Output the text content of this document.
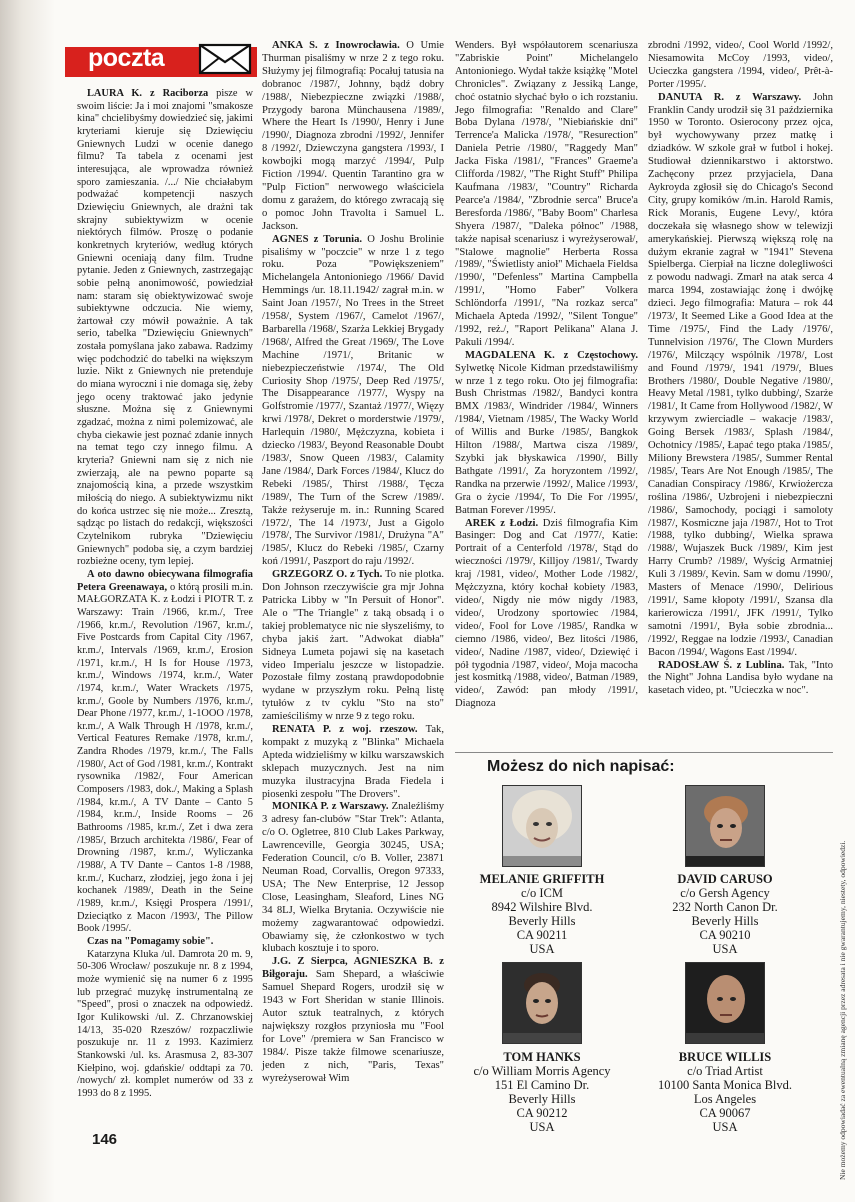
poczta

LAURA K. z Raciborza pisze w swoim liście: Ja i moi znajomi "smakosze kina" chcielibyśmy dowiedzieć się, jakimi kryteriami kieruje się Dziewięciu Gniewnych Ludzi w ocenie danego filmu? Ta tabela z ocenami jest interesująca, ale wprowadza również sporo zamieszania. /.../ Nie chciałabym podważać kompetencji naszych Dziewięciu Gniewnych, ale drażni tak skrajny subiektywizm w ocenie niektórych filmów. Proszę o podanie konkretnych kryteriów, według których Gniewni oceniają dany film. Trudne pytanie. Jeden z Gniewnych, zastrzegając sobie pełną anonimowość, powiedział nam: staram się obiektywizować swoje subiektywne odczucia. Nie wiemy, żartował czy mówił poważnie. A tak serio, tabelka "Dziewięciu Gniewnych" została pomyślana jako zabawa. Radzimy więc podchodzić do tabelki na większym luzie. Nikt z Gniewnych nie pretenduje do miana wyroczni i nie domaga się, żeby jego oceny traktować jako jedynie słuszne. Można się z Gniewnymi zgadzać, można z nimi polemizować, ale chyba ciekawie jest poznać zdanie innych na temat tego czy innego filmu. A kryteria? Gniewni nam się z nich nie zwierzają, ale na pewno poparte są znajomością kina, a przede wszystkim miłością do niego. A subiektywizmu nikt do końca ustrzec się nie może... Zresztą, sądząc po listach do redakcji, większości Czytelnikom rubryka "Dziewięciu Gniewnych" podoba się, a czym bardziej rozbieżne oceny, tym lepiej.

A oto dawno obiecywana filmografia Petera Greenawaya, o którą prosili m.in. MAŁGORZATA K. z Łodzi i PIOTR T. z Warszawy: Train /1966, kr.m./, Tree /1966, kr.m./, Revolution /1967, kr.m./, Five Postcards from Capital City /1967, kr.m./, Intervals /1969, kr.m./, Erosion /1971, kr.m./, H Is for House /1973, kr.m./, Windows /1974, kr.m./, Water /1974, kr.m./, Water Wrackets /1975, kr.m./, Goole by Numbers /1976, kr.m./, Dear Phone /1977, kr.m./, 1-1OOO /1978, kr.m./, A Walk Through H /1978, kr.m./, Vertical Features Remake /1978, kr.m./, Zandra Rhodes /1979, kr.m./, The Falls /1980/, Act of God /1981, kr.m./, Kontrakt rysownika /1982/, Four American Composers /1983, dok./, Making a Splash /1984, kr.m./, A TV Dante – Canto 5 /1984, kr.m./, Inside Rooms – 26 Bathrooms /1985, kr.m./, Zet i dwa zera /1985/, Brzuch architekta /1986/, Fear of Drowning /1987, kr.m./, Wyliczanka /1988/, A TV Dante – Cantos 1-8 /1988, kr.m./, Kucharz, złodziej, jego żona i jej kochanek /1989/, Death in the Seine /1989, kr.m./, Księgi Prospera /1991/, Dzieciątko z Macon /1993/, The Pillow Book /1995/.

Czas na "Pomagamy sobie".

Katarzyna Kluka /ul. Damrota 20 m. 9, 50-306 Wrocław/ poszukuje nr. 8 z 1994, może wymienić się na numer 6 z 1995 lub przegrać muzykę instrumentalną ze "Speed", prosi o znaczek na odpowiedź. Igor Kulikowski /ul. Z. Chrzanowskiej 14/13, 35-020 Rzeszów/ rozpaczliwie poszukuje nr. 11 z 1993. Kazimierz Stankowski /ul. ks. Arasmusa 2, 83-307 Kiełpino, woj. gdańskie/ oddtapi za 70. /nowych/ zł. komplet numerów od 33 z 1993 do 8 z 1995.

ANKA S. z Inowrocławia. O Umie Thurman pisaliśmy w nrze 2 z tego roku. Służymy jej filmografią: Pocałuj tatusia na dobranoc /1987/, Johnny, bądź dobry /1988/, Niebezpieczne związki /1988/, Przygody barona Münchausena /1989/, Where the Heart Is /1990/, Henry i June /1990/, Diagnoza zbrodni /1992/, Jennifer 8 /1992/, Dziewczyna gangstera /1993/, I kowbojki mogą marzyć /1994/, Pulp Fiction /1994/. Quentin Tarantino gra w "Pulp Fiction" nerwowego właściciela domu z garażem, do którego zwracają się o pomoc John Travolta i Samuel L. Jackson.

AGNES z Torunia. O Joshu Brolinie pisaliśmy w "poczcie" w nrze 1 z tego roku. Poza "Powiększeniem" Michelangela Antonioniego /1966/ David Hemmings /ur. 18.11.1942/ zagrał m.in. w Saint Joan /1957/, No Trees in the Street /1958/, System /1967/, Camelot /1967/, Barbarella /1968/, Szarża Lekkiej Brygady /1968/, Alfred the Great /1969/, The Love Machine /1971/, Britanic w niebezpieczeństwie /1974/, The Old Curiosity Shop /1975/, Deep Red /1975/, The Disappearance /1977/, Wyspy na Golfstromie /1977/, Szantaż /1977/, Więzy krwi /1978/, Dekret o morderstwie /1979/, Harlequin /1980/, Mężczyzna, kobieta i dziecko /1983/, Beyond Reasonable Doubt /1983/, Snow Queen /1983/, Calamity Jane /1984/, Dark Forces /1984/, Klucz do Rebeki /1985/, Thirst /1988/, Tęcza /1989/, The Turn of the Screw /1989/. Także reżyseruje m. in.: Running Scared /1972/, The 14 /1973/, Just a Gigolo /1978/, The Survivor /1981/, Drużyna "A" /1985/, Klucz do Rebeki /1985/, Czarny koń /1991/, Paszport do raju /1992/.

GRZEGORZ O. z Tych. To nie plotka. Don Johnson rzeczywiście gra mjr Johna Patricka Libby w "In Persuit of Honor". Ale o "The Triangle" z taką obsadą i o takiej problematyce nic nie słyszeliśmy, to chyba jakiś żart. "Adwokat diabła" Sidneya Lumeta pojawi się na kasetach video Imperialu jeszcze w listopadzie. Pozostałe filmy zostaną prawdopodobnie wydane w przyszłym roku. Pełną listę tytułów z tv cyklu "Sto na sto" zamieściliśmy w nrze 9 z tego roku.

RENATA P. z woj. rzeszow. Tak, kompakt z muzyką z "Blinka" Michaela Apteda widzieliśmy w kilku warszawskich sklepach muzycznych. Jest na nim muzyka ilustracyjna Brada Fiedela i piosenki zespołu "The Drovers".

MONIKA P. z Warszawy. Znaleźliśmy 3 adresy fan-clubów "Star Trek": Atlanta, c/o O. Ogletree, 810 Club Lakes Parkway, Lawrenceville, Georgia 30245, USA; Federation Council, c/o B. Voller, 23871 Neuman Road, Corvallis, Oregon 97333, USA; The New Enterprise, 12 Jessop Close, Leasingham, Sleaford, Lines NG 34 8LJ, Wielka Brytania. Oczywiście nie możemy zagwarantować odpowiedzi. Obawiamy się, że członkostwo w tych klubach kosztuje i to sporo.

J.G. Z Sierpca, AGNIESZKA B. z Biłgoraju. Sam Shepard, a właściwie Samuel Shepard Rogers, urodził się w 1943 w Fort Sheridan w stanie Illinois. Autor sztuk teatralnych, z których największy rozgłos przyniosła mu "Fool for Love" /premiera w San Francisco w 1984/. Pisze także filmowe scenariusze, jeden z nich, "Paris, Texas" wyreżyserował Wim

Wenders. Był współautorem scenariusza "Zabriskie Point" Michelangelo Antonioniego. Wydał także książkę "Motel Chronicles". Związany z Jessiką Lange, choć ostatnio słychać było o ich rozstaniu. Jego filmografia: "Renaldo and Clare" Boba Dylana /1978/, "Niebiańskie dni" Terrence'a Malicka /1978/, "Resurection" Daniela Petrie /1980/, "Raggedy Man" Jacka Fiska /1981/, "Frances" Graeme'a Clifforda /1982/, "The Right Stuff" Philipa Kaufmana /1983/, "Country" Richarda Pearce'a /1984/, "Zbrodnie serca" Bruce'a Beresforda /1986/, "Baby Boom" Charlesa Shyera /1987/, "Daleka północ" /1988, także napisał scenariusz i wyreżyserował/, "Stalowe magnolie" Herberta Rossa /1989/, "Świetlisty anioł" Michaela Fieldsa /1990/, "Defenless" Martina Campbella /1991/, "Homo Faber" Volkera Schlöndorfa /1991/, "Na rozkaz serca" Michaela Apteda /1992/, "Silent Tongue" /1992, reż./, "Raport Pelikana" Alana J. Pakuli /1994/.

MAGDALENA K. z Częstochowy. Sylwetkę Nicole Kidman przedstawiliśmy w nrze 1 z tego roku. Oto jej filmografia: Bush Christmas /1982/, Bandyci kontra BMX /1983/, Windrider /1984/, Winners /1984/, Vietnam /1985/, The Wacky World of Willis and Burke /1985/, Bangkok Hilton /1988/, Martwa cisza /1989/, Szybki jak błyskawica /1990/, Billy Bathgate /1991/, Za horyzontem /1992/, Randka na przerwie /1992/, Malice /1993/, Gra o życie /1994/, To Die For /1995/, Batman Forever /1995/.

AREK z Łodzi. Dziś filmografia Kim Basinger: Dog and Cat /1977/, Katie: Portrait of a Centerfold /1978/, Stąd do wieczności /1979/, Killjoy /1981/, Twardy kraj /1981, video/, Mother Lode /1982/, Mężczyzna, który kochał kobiety /1983, video/, Nigdy nie mów nigdy /1983, video/, Urodzony sportowiec /1984, video/, Fool for Love /1985/, Randka w ciemno /1986, video/, Bez litości /1986, video/, Nadine /1987, video/, Dziewięć i pół tygodnia /1987, video/, Moja macocha jest kosmitką /1988, video/, Batman /1989, video/, Zawód: pan młody /1991/, Diagnoza

zbrodni /1992, video/, Cool World /1992/, Niesamowita McCoy /1993, video/, Ucieczka gangstera /1994, video/, Prêt-à-Porter /1995/.

DANUTA R. z Warszawy. John Franklin Candy urodził się 31 października 1950 w Toronto. Osierocony przez ojca, był wychowywany przez matkę i dziadków. W szkole grał w futbol i hokej. Studiował dziennikarstwo i aktorstwo. Zachęcony przez przyjaciela, Dana Aykroyda zgłosił się do Chicago's Second City, grupy komików /m.in. Harold Ramis, Rick Moranis, Eugene Levy/, która doczekała się własnego show w telewizji amerykańskiej. Pierwszą większą rolę na dużym ekranie zagrał w "1941" Stevena Spielberga. Cierpiał na liczne dolegliwości z powodu nadwagi. Zmarł na atak serca 4 marca 1994, zostawiając żonę i dwójkę dzieci. Jego filmografia: Matura – rok 44 /1973/, It Seemed Like a Good Idea at the Time /1975/, Find the Lady /1976/, Tunnelvision /1976/, The Clown Murders /1976/, Milczący wspólnik /1978/, Lost and Found /1979/, 1941 /1979/, Blues Brothers /1980/, Double Negative /1980/, Heavy Metal /1981, tylko dubbing/, Szarże /1981/, It Came from Hollywood /1982/, W krzywym zwierciadle – wakacje /1983/, Going Bersek /1983/, Splash /1984/, Ochotnicy /1985/, Łapać tego ptaka /1985/, Miliony Brewstera /1985/, Summer Rental /1985/, Tears Are Not Enough /1985/, The Canadian Conspiracy /1986/, Krwiożercza roślina /1986/, Uzbrojeni i niebezpieczni /1986/, Samochody, pociągi i samoloty /1987/, Kosmiczne jaja /1987/, Hot to Trot /1988, tylko dubbing/, Wielka sprawa /1988/, Wujaszek Buck /1989/, Kim jest Harry Crumb? /1989/, Wyścig Armatniej Kuli 3 /1989/, Kevin. Sam w domu /1990/, Masters of Menace /1990/, Delirious /1991/, Same kłopoty /1991/, Szansa dla karierowicza /1991/, JFK /1991/, Tylko samotni /1991/, Była sobie zbrodnia... /1992/, Reggae na lodzie /1993/, Canadian Bacon /1994/, Wagons East /1994/.

RADOSŁAW Ś. z Lublina. Tak, "Into the Night" Johna Landisa było wydane na kasetach video, pt. "Ucieczka w noc".

Możesz do nich napisać:
MELANIE GRIFFITH
c/o ICM
8942 Wilshire Blvd.
Beverly Hills
CA 90211
USA
DAVID CARUSO
c/o Gersh Agency
232 North Canon Dr.
Beverly Hills
CA 90210
USA
TOM HANKS
c/o William Morris Agency
151 El Camino Dr.
Beverly Hills
CA 90212
USA
BRUCE WILLIS
c/o Triad Artist
10100 Santa Monica Blvd.
Los Angeles
CA 90067
USA	Nie możemy odpowiadać za ewentualną zmianę agencji przez adresata i nie gwarantujemy, niestety, odpowiedzi.
146
